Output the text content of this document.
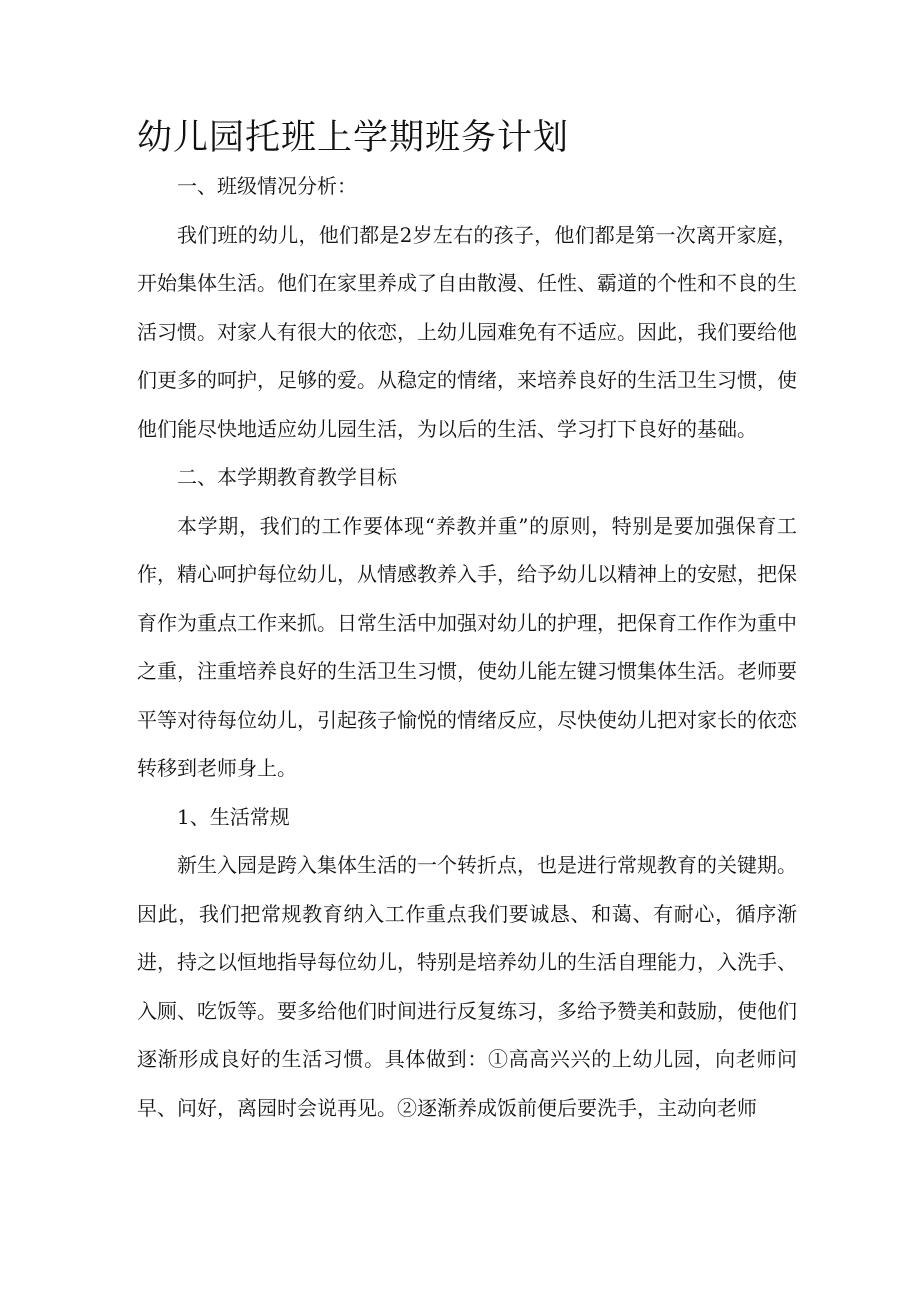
幼儿园托班上学期班务计划

一、班级情况分析：

我们班的幼儿，他们都是2岁左右的孩子，他们都是第一次离开家庭，开始集体生活。他们在家里养成了自由散漫、任性、霸道的个性和不良的生活习惯。对家人有很大的依恋，上幼儿园难免有不适应。因此，我们要给他们更多的呵护，足够的爱。从稳定的情绪，来培养良好的生活卫生习惯，使他们能尽快地适应幼儿园生活，为以后的生活、学习打下良好的基础。

二、本学期教育教学目标

本学期，我们的工作要体现“养教并重”的原则，特别是要加强保育工作，精心呵护每位幼儿，从情感教养入手，给予幼儿以精神上的安慰，把保育作为重点工作来抓。日常生活中加强对幼儿的护理，把保育工作作为重中之重，注重培养良好的生活卫生习惯，使幼儿能左键习惯集体生活。老师要平等对待每位幼儿，引起孩子愉悦的情绪反应，尽快使幼儿把对家长的依恋转移到老师身上。

1、生活常规

新生入园是跨入集体生活的一个转折点，也是进行常规教育的关键期。因此，我们把常规教育纳入工作重点我们要诚恳、和蔼、有耐心，循序渐进，持之以恒地指导每位幼儿，特别是培养幼儿的生活自理能力，入洗手、入厕、吃饭等。要多给他们时间进行反复练习，多给予赞美和鼓励，使他们逐渐形成良好的生活习惯。具体做到：①高高兴兴的上幼儿园，向老师问早、问好，离园时会说再见。②逐渐养成饭前便后要洗手，主动向老师
